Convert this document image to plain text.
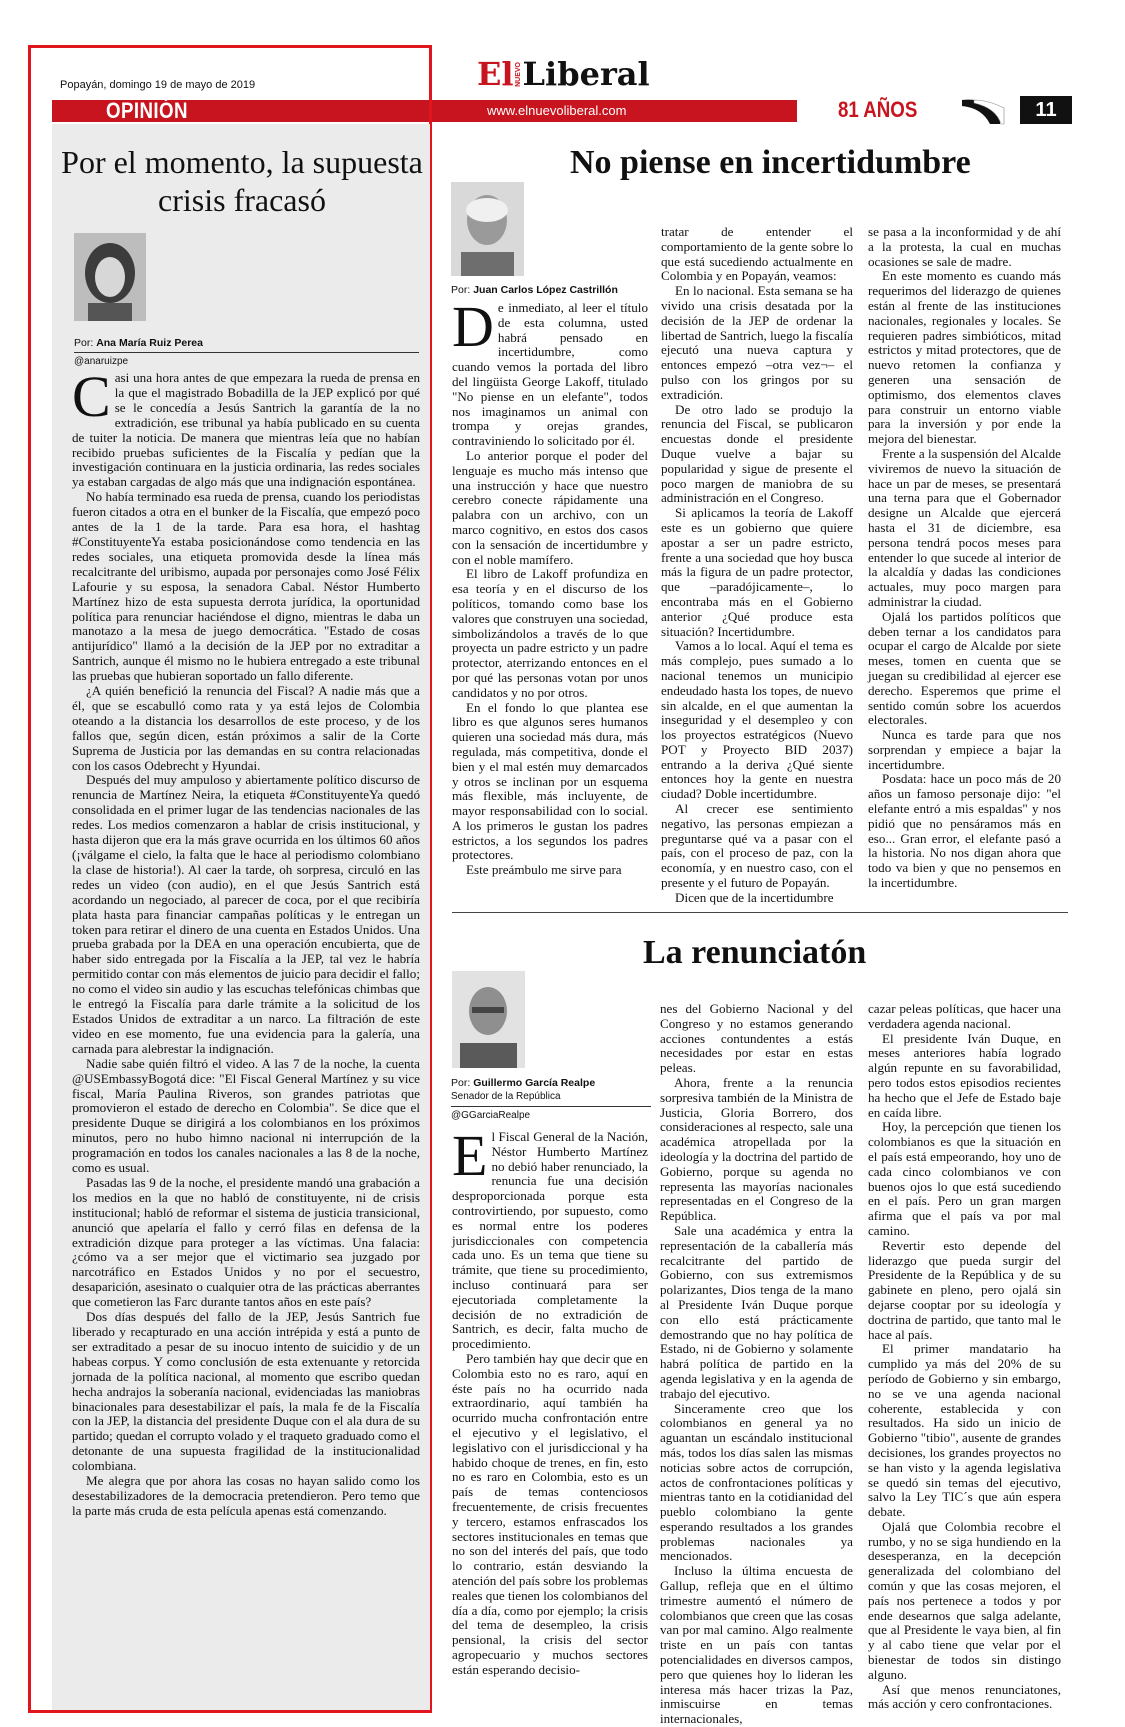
Popayán, domingo 19 de mayo de 2019
OPINIÓN
El NUEVO Liberal
www.elnuevoliberal.com	81 AÑOS	11
Por el momento, la supuesta crisis fracasó
Por: Ana María Ruiz Perea
@anaruizpe

Casi una hora antes de que empezara la rueda de prensa en la que el magistrado Bobadilla de la JEP explicó por qué se le concedía a Jesús Santrich la garantía de la no extradición, ese tribunal ya había publicado en su cuenta de tuiter la noticia. De manera que mientras leía que no habían recibido pruebas suficientes de la Fiscalía y pedían que la investigación continuara en la justicia ordinaria, las redes sociales ya estaban cargadas de algo más que una indignación espontánea.

No había terminado esa rueda de prensa, cuando los periodistas fueron citados a otra en el bunker de la Fiscalía, que empezó poco antes de la 1 de la tarde. Para esa hora, el hashtag #ConstituyenteYa estaba posicionándose como tendencia en las redes sociales, una etiqueta promovida desde la línea más recalcitrante del uribismo, aupada por personajes como José Félix Lafourie y su esposa, la senadora Cabal. Néstor Humberto Martínez hizo de esta supuesta derrota jurídica, la oportunidad política para renunciar haciéndose el digno, mientras le daba un manotazo a la mesa de juego democrática. "Estado de cosas antijurídico" llamó a la decisión de la JEP por no extraditar a Santrich, aunque él mismo no le hubiera entregado a este tribunal las pruebas que hubieran soportado un fallo diferente.

¿A quién benefició la renuncia del Fiscal? A nadie más que a él, que se escabulló como rata y ya está lejos de Colombia oteando a la distancia los desarrollos de este proceso, y de los fallos que, según dicen, están próximos a salir de la Corte Suprema de Justicia por las demandas en su contra relacionadas con los casos Odebrecht y Hyundai.

Después del muy ampuloso y abiertamente político discurso de renuncia de Martínez Neira, la etiqueta #ConstituyenteYa quedó consolidada en el primer lugar de las tendencias nacionales de las redes. Los medios comenzaron a hablar de crisis institucional, y hasta dijeron que era la más grave ocurrida en los últimos 60 años (¡válgame el cielo, la falta que le hace al periodismo colombiano la clase de historia!). Al caer la tarde, oh sorpresa, circuló en las redes un video (con audio), en el que Jesús Santrich está acordando un negociado, al parecer de coca, por el que recibiría plata hasta para financiar campañas políticas y le entregan un token para retirar el dinero de una cuenta en Estados Unidos. Una prueba grabada por la DEA en una operación encubierta, que de haber sido entregada por la Fiscalía a la JEP, tal vez le habría permitido contar con más elementos de juicio para decidir el fallo; no como el video sin audio y las escuchas telefónicas chimbas que le entregó la Fiscalía para darle trámite a la solicitud de los Estados Unidos de extraditar a un narco. La filtración de este video en ese momento, fue una evidencia para la galería, una carnada para alebrestar la indignación.

Nadie sabe quién filtró el video. A las 7 de la noche, la cuenta @USEmbassyBogotá dice: "El Fiscal General Martínez y su vice fiscal, María Paulina Riveros, son grandes patriotas que promovieron el estado de derecho en Colombia". Se dice que el presidente Duque se dirigirá a los colombianos en los próximos minutos, pero no hubo himno nacional ni interrupción de la programación en todos los canales nacionales a las 8 de la noche, como es usual.

Pasadas las 9 de la noche, el presidente mandó una grabación a los medios en la que no habló de constituyente, ni de crisis institucional; habló de reformar el sistema de justicia transicional, anunció que apelaría el fallo y cerró filas en defensa de la extradición dizque para proteger a las víctimas. Una falacia: ¿cómo va a ser mejor que el victimario sea juzgado por narcotráfico en Estados Unidos y no por el secuestro, desaparición, asesinato o cualquier otra de las prácticas aberrantes que cometieron las Farc durante tantos años en este país?

Dos días después del fallo de la JEP, Jesús Santrich fue liberado y recapturado en una acción intrépida y está a punto de ser extraditado a pesar de su inocuo intento de suicidio y de un habeas corpus. Y como conclusión de esta extenuante y retorcida jornada de la política nacional, al momento que escribo quedan hecha andrajos la soberanía nacional, evidenciadas las maniobras binacionales para desestabilizar el país, la mala fe de la Fiscalía con la JEP, la distancia del presidente Duque con el ala dura de su partido; quedan el corrupto volado y el traqueto graduado como el detonante de una supuesta fragilidad de la institucionalidad colombiana.

Me alegra que por ahora las cosas no hayan salido como los desestabilizadores de la democracia pretendieron. Pero temo que la parte más cruda de esta película apenas está comenzando.

No piense en incertidumbre
Por: Juan Carlos López Castrillón

De inmediato, al leer el título de esta columna, usted habrá pensado en incertidumbre, como cuando vemos la portada del libro del lingüista George Lakoff, titulado "No piense en un elefante", todos nos imaginamos un animal con trompa y orejas grandes, contraviniendo lo solicitado por él.

Lo anterior porque el poder del lenguaje es mucho más intenso que una instrucción y hace que nuestro cerebro conecte rápidamente una palabra con un archivo, con un marco cognitivo, en estos dos casos con la sensación de incertidumbre y con el noble mamífero.

El libro de Lakoff profundiza en esa teoría y en el discurso de los políticos, tomando como base los valores que construyen una sociedad, simbolizándolos a través de lo que proyecta un padre estricto y un padre protector, aterrizando entonces en el por qué las personas votan por unos candidatos y no por otros.

En el fondo lo que plantea ese libro es que algunos seres humanos quieren una sociedad más dura, más regulada, más competitiva, donde el bien y el mal estén muy demarcados y otros se inclinan por un esquema más flexible, más incluyente, de mayor responsabilidad con lo social. A los primeros le gustan los padres estrictos, a los segundos los padres protectores.

Este preámbulo me sirve para

tratar de entender el comportamiento de la gente sobre lo que está sucediendo actualmente en Colombia y en Popayán, veamos:

En lo nacional. Esta semana se ha vivido una crisis desatada por la decisión de la JEP de ordenar la libertad de Santrich, luego la fiscalía ejecutó una nueva captura y entonces empezó –otra vez¬– el pulso con los gringos por su extradición.

De otro lado se produjo la renuncia del Fiscal, se publicaron encuestas donde el presidente Duque vuelve a bajar su popularidad y sigue de presente el poco margen de maniobra de su administración en el Congreso.

Si aplicamos la teoría de Lakoff este es un gobierno que quiere apostar a ser un padre estricto, frente a una sociedad que hoy busca más la figura de un padre protector, que –paradójicamente–, lo encontraba más en el Gobierno anterior ¿Qué produce esta situación? Incertidumbre.

Vamos a lo local. Aquí el tema es más complejo, pues sumado a lo nacional tenemos un municipio endeudado hasta los topes, de nuevo sin alcalde, en el que aumentan la inseguridad y el desempleo y con los proyectos estratégicos (Nuevo POT y Proyecto BID 2037) entrando a la deriva ¿Qué siente entonces hoy la gente en nuestra ciudad? Doble incertidumbre.

Al crecer ese sentimiento negativo, las personas empiezan a preguntarse qué va a pasar con el país, con el proceso de paz, con la economía, y en nuestro caso, con el presente y el futuro de Popayán.

Dicen que de la incertidumbre

se pasa a la inconformidad y de ahí a la protesta, la cual en muchas ocasiones se sale de madre.

En este momento es cuando más requerimos del liderazgo de quienes están al frente de las instituciones nacionales, regionales y locales. Se requieren padres simbióticos, mitad estrictos y mitad protectores, que de nuevo retomen la confianza y generen una sensación de optimismo, dos elementos claves para construir un entorno viable para la inversión y por ende la mejora del bienestar.

Frente a la suspensión del Alcalde viviremos de nuevo la situación de hace un par de meses, se presentará una terna para que el Gobernador designe un Alcalde que ejercerá hasta el 31 de diciembre, esa persona tendrá pocos meses para entender lo que sucede al interior de la alcaldía y dadas las condiciones actuales, muy poco margen para administrar la ciudad.

Ojalá los partidos políticos que deben ternar a los candidatos para ocupar el cargo de Alcalde por siete meses, tomen en cuenta que se juegan su credibilidad al ejercer ese derecho. Esperemos que prime el sentido común sobre los acuerdos electorales.

Nunca es tarde para que nos sorprendan y empiece a bajar la incertidumbre.

Posdata: hace un poco más de 20 años un famoso personaje dijo: "el elefante entró a mis espaldas" y nos pidió que no pensáramos más en eso... Gran error, el elefante pasó a la historia. No nos digan ahora que todo va bien y que no pensemos en la incertidumbre.

La renunciatón
Por: Guillermo García Realpe
Senador de la República
@GGarciaRealpe

El Fiscal General de la Nación, Néstor Humberto Martínez no debió haber renunciado, la renuncia fue una decisión desproporcionada porque esta controvirtiendo, por supuesto, como es normal entre los poderes jurisdiccionales con competencia cada uno. Es un tema que tiene su trámite, que tiene su procedimiento, incluso continuará para ser ejecutoriada completamente la decisión de no extradición de Santrich, es decir, falta mucho de procedimiento.

Pero también hay que decir que en Colombia esto no es raro, aquí en éste país no ha ocurrido nada extraordinario, aquí también ha ocurrido mucha confrontación entre el ejecutivo y el legislativo, el legislativo con el jurisdiccional y ha habido choque de trenes, en fin, esto no es raro en Colombia, esto es un país de temas contenciosos frecuentemente, de crisis frecuentes y tercero, estamos enfrascados los sectores institucionales en temas que no son del interés del país, que todo lo contrario, están desviando la atención del país sobre los problemas reales que tienen los colombianos del día a día, como por ejemplo; la crisis del tema de desempleo, la crisis pensional, la crisis del sector agropecuario y muchos sectores están esperando decisio-

nes del Gobierno Nacional y del Congreso y no estamos generando acciones contundentes a estás necesidades por estar en estas peleas.

Ahora, frente a la renuncia sorpresiva también de la Ministra de Justicia, Gloria Borrero, dos consideraciones al respecto, sale una académica atropellada por la ideología y la doctrina del partido de Gobierno, porque su agenda no representa las mayorías nacionales representadas en el Congreso de la República.

Sale una académica y entra la representación de la caballería más recalcitrante del partido de Gobierno, con sus extremismos polarizantes, Dios tenga de la mano al Presidente Iván Duque porque con ello está prácticamente demostrando que no hay política de Estado, ni de Gobierno y solamente habrá política de partido en la agenda legislativa y en la agenda de trabajo del ejecutivo.

Sinceramente creo que los colombianos en general ya no aguantan un escándalo institucional más, todos los días salen las mismas noticias sobre actos de corrupción, actos de confrontaciones políticas y mientras tanto en la cotidianidad del pueblo colombiano la gente esperando resultados a los grandes problemas nacionales ya mencionados.

Incluso la última encuesta de Gallup, refleja que en el último trimestre aumentó el número de colombianos que creen que las cosas van por mal camino. Algo realmente triste en un país con tantas potencialidades en diversos campos, pero que quienes hoy lo lideran les interesa más hacer trizas la Paz, inmiscuirse en temas internacionales,

cazar peleas políticas, que hacer una verdadera agenda nacional.

El presidente Iván Duque, en meses anteriores había logrado algún repunte en su favorabilidad, pero todos estos episodios recientes ha hecho que el Jefe de Estado baje en caída libre.

Hoy, la percepción que tienen los colombianos es que la situación en el país está empeorando, hoy uno de cada cinco colombianos ve con buenos ojos lo que está sucediendo en el país. Pero un gran margen afirma que el país va por mal camino.

Revertir esto depende del liderazgo que pueda surgir del Presidente de la República y de su gabinete en pleno, pero ojalá sin dejarse cooptar por su ideología y doctrina de partido, que tanto mal le hace al país.

El primer mandatario ha cumplido ya más del 20% de su período de Gobierno y sin embargo, no se ve una agenda nacional coherente, establecida y con resultados. Ha sido un inicio de Gobierno "tibio", ausente de grandes decisiones, los grandes proyectos no se han visto y la agenda legislativa se quedó sin temas del ejecutivo, salvo la Ley TIC´s que aún espera debate.

Ojalá que Colombia recobre el rumbo, y no se siga hundiendo en la desesperanza, en la decepción generalizada del colombiano del común y que las cosas mejoren, el país nos pertenece a todos y por ende desearnos que salga adelante, que al Presidente le vaya bien, al fin y al cabo tiene que velar por el bienestar de todos sin distingo alguno.

Así que menos renunciatones, más acción y cero confrontaciones.
